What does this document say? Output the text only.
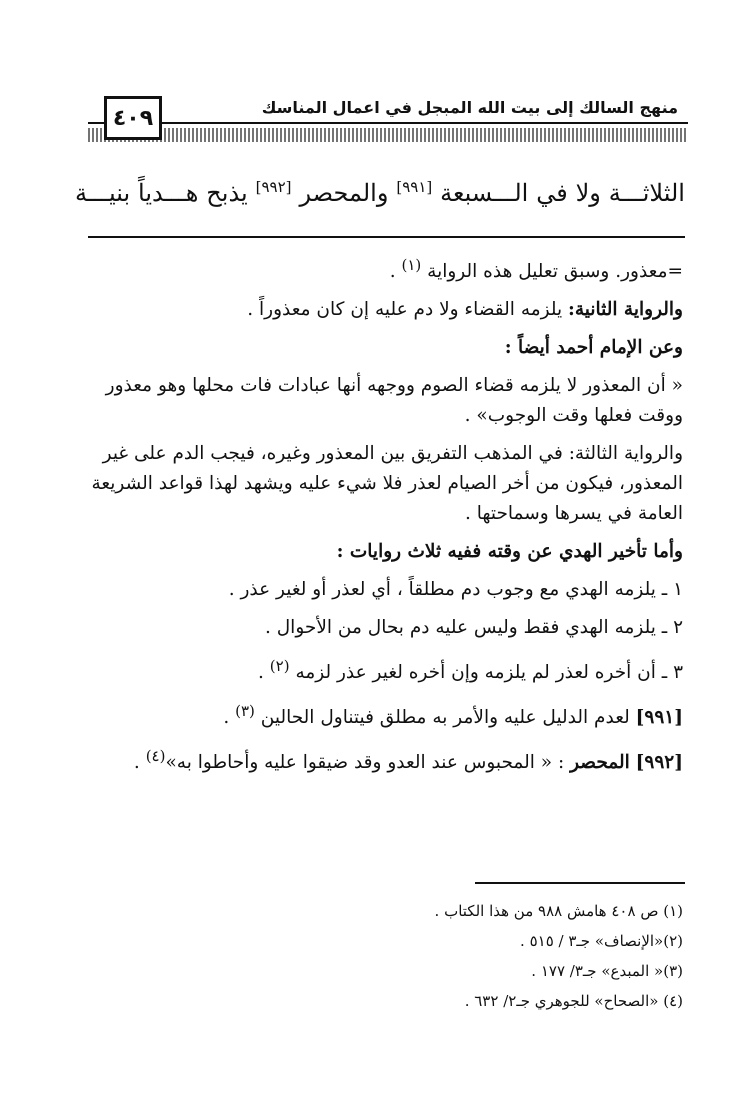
٤٠٩	منهج السالك إلى بيت الله المبجل في اعمال المناسك
الثلاثـــة ولا في الـــسبعة [٩٩١] والمحصر [٩٩٢] يذبح هـــدياً بنيـــة

=معذور. وسبق تعليل هذه الرواية $^{(١)}$ .

والرواية الثانية: يلزمه القضاء ولا دم عليه إن كان معذوراً .

وعن الإمام أحمد أيضاً :

« أن المعذور لا يلزمه قضاء الصوم ووجهه أنها عبادات فات محلها وهو معذور ووقت فعلها وقت الوجوب» .

والرواية الثالثة: في المذهب التفريق بين المعذور وغيره، فيجب الدم على غير المعذور، فيكون من أخر الصيام لعذر فلا شيء عليه ويشهد لهذا قواعد الشريعة العامة في يسرها وسماحتها .

وأما تأخير الهدي عن وقته ففيه ثلاث روايات :

١ ـ يلزمه الهدي مع وجوب دم مطلقاً ، أي لعذر أو لغير عذر .

٢ ـ يلزمه الهدي فقط وليس عليه دم بحال من الأحوال .

٣ ـ أن أخره لعذر لم يلزمه وإن أخره لغير عذر لزمه $^{(٢)}$ .

[٩٩١] لعدم الدليل عليه والأمر به مطلق فيتناول الحالين $^{(٣)}$ .

[٩٩٢] المحصر : « المحبوس عند العدو وقد ضيقوا عليه وأحاطوا به»$^{(٤)}$ .

(١) ص ٤٠٨ هامش ٩٨٨ من هذا الكتاب .
(٢)«الإنصاف» جـ٣ / ٥١٥ .
(٣)« المبدع» جـ٣/ ١٧٧ .
(٤) «الصحاح» للجوهري جـ٢/ ٦٣٢ .
